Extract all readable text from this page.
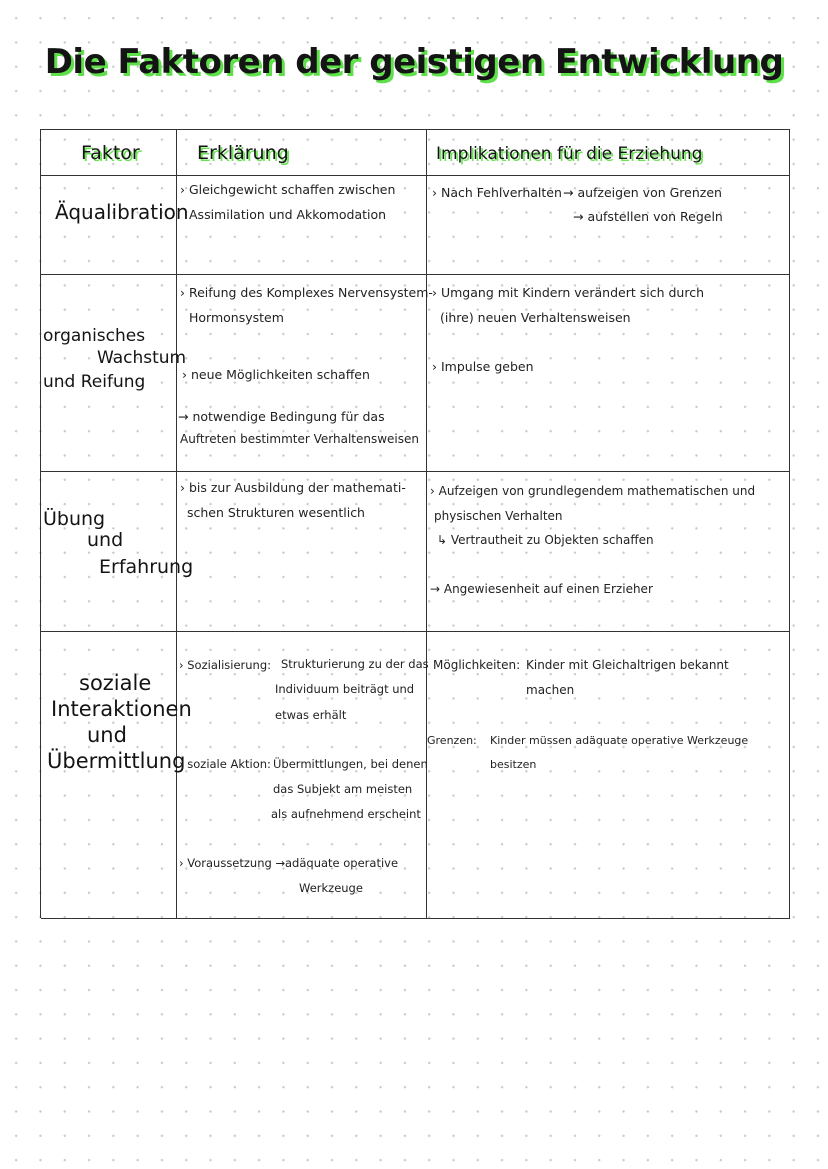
Die Faktoren der geistigen Entwicklung
Faktor	Erklärung	Implikationen für die Erziehung
Äqualibration
› Gleichgewicht schaffen zwischen
Assimilation und Akkomodation
› Nach Fehlverhalten → aufzeigen von Grenzen
→ aufstellen von Regeln
organisches
Wachstum
und Reifung
› Reifung des Komplexes Nervensystem-
Hormonsystem
› neue Möglichkeiten schaffen
→ notwendige Bedingung für das
Auftreten bestimmter Verhaltensweisen
› Umgang mit Kindern verändert sich durch
(ihre) neuen Verhaltensweisen
› Impulse geben
Übung
und
Erfahrung
› bis zur Ausbildung der mathemati-
schen Strukturen wesentlich
› Aufzeigen von grundlegendem mathematischen und
physischen Verhalten
↳ Vertrautheit zu Objekten schaffen
→ Angewiesenheit auf einen Erzieher
soziale
Interaktionen
und
Übermittlung
› Sozialisierung: Strukturierung zu der das
Individuum beiträgt und
etwas erhält
› soziale Aktion: Übermittlungen, bei denen
das Subjekt am meisten
als aufnehmend erscheint
› Voraussetzung → adäquate operative
Werkzeuge
Möglichkeiten: Kinder mit Gleichaltrigen bekannt
machen
Grenzen: Kinder müssen adäquate operative Werkzeuge
besitzen
